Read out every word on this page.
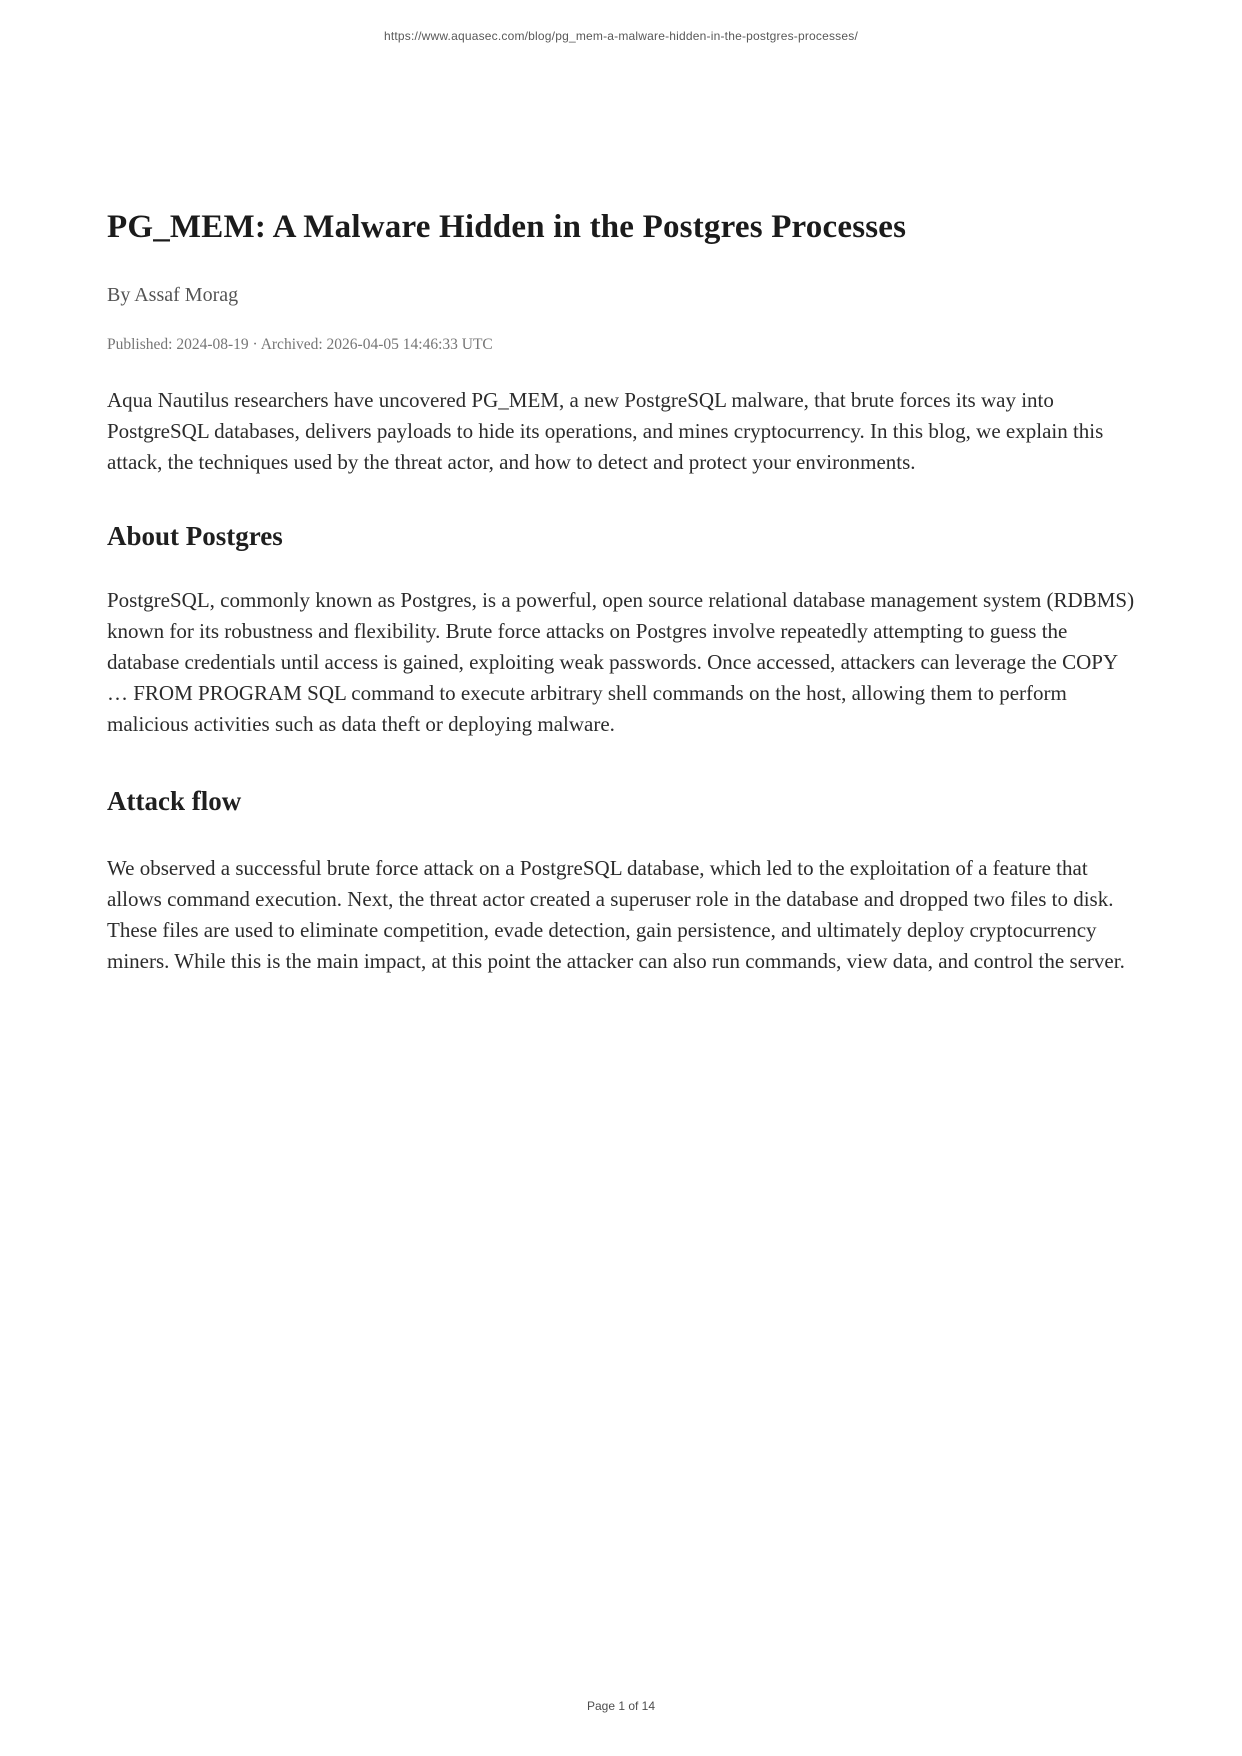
https://www.aquasec.com/blog/pg_mem-a-malware-hidden-in-the-postgres-processes/
PG_MEM: A Malware Hidden in the Postgres Processes

By Assaf Morag

Published: 2024-08-19 · Archived: 2026-04-05 14:46:33 UTC

Aqua Nautilus researchers have uncovered PG_MEM, a new PostgreSQL malware, that brute forces its way into PostgreSQL databases, delivers payloads to hide its operations, and mines cryptocurrency. In this blog, we explain this attack, the techniques used by the threat actor, and how to detect and protect your environments.

About Postgres

PostgreSQL, commonly known as Postgres, is a powerful, open source relational database management system (RDBMS) known for its robustness and flexibility. Brute force attacks on Postgres involve repeatedly attempting to guess the database credentials until access is gained, exploiting weak passwords. Once accessed, attackers can leverage the COPY … FROM PROGRAM SQL command to execute arbitrary shell commands on the host, allowing them to perform malicious activities such as data theft or deploying malware.

Attack flow

We observed a successful brute force attack on a PostgreSQL database, which led to the exploitation of a feature that allows command execution. Next, the threat actor created a superuser role in the database and dropped two files to disk. These files are used to eliminate competition, evade detection, gain persistence, and ultimately deploy cryptocurrency miners. While this is the main impact, at this point the attacker can also run commands, view data, and control the server.

Page 1 of 14
